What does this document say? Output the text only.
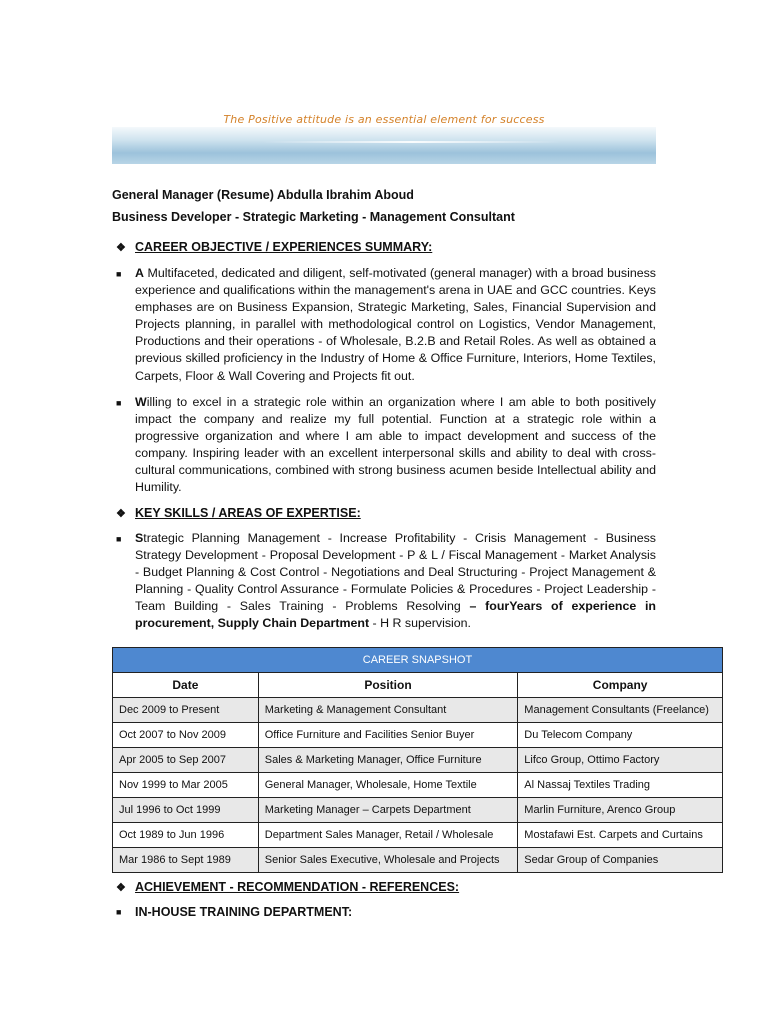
The Positive attitude is an essential element for success
General Manager (Resume) Abdulla Ibrahim Aboud
Business Developer - Strategic Marketing - Management Consultant
❖ CAREER OBJECTIVE / EXPERIENCES SUMMARY:
■	A Multifaceted, dedicated and diligent, self-motivated (general manager) with a broad business experience and qualifications within the management's arena in UAE and GCC countries. Keys emphases are on Business Expansion, Strategic Marketing, Sales, Financial Supervision and Projects planning, in parallel with methodological control on Logistics, Vendor Management, Productions and their operations - of Wholesale, B.2.B and Retail Roles. As well as obtained a previous skilled proficiency in the Industry of Home & Office Furniture, Interiors, Home Textiles, Carpets, Floor & Wall Covering and Projects fit out.
■	Willing to excel in a strategic role within an organization where I am able to both positively impact the company and realize my full potential. Function at a strategic role within a progressive organization and where I am able to impact development and success of the company. Inspiring leader with an excellent interpersonal skills and ability to deal with cross-cultural communications, combined with strong business acumen beside Intellectual ability and Humility.
❖ KEY SKILLS / AREAS OF EXPERTISE:
■	Strategic Planning Management - Increase Profitability - Crisis Management - Business Strategy Development - Proposal Development - P & L / Fiscal Management - Market Analysis - Budget Planning & Cost Control - Negotiations and Deal Structuring - Project Management & Planning - Quality Control Assurance - Formulate Policies & Procedures - Project Leadership - Team Building - Sales Training - Problems Resolving – fourYears of experience in procurement, Supply Chain Department - H R supervision.
CAREER SNAPSHOT		
Date	Position	Company
Dec 2009 to Present	Marketing & Management Consultant	Management Consultants (Freelance)
Oct 2007 to Nov 2009	Office Furniture and Facilities Senior Buyer	Du Telecom Company
Apr 2005 to Sep 2007	Sales & Marketing Manager, Office Furniture	Lifco Group, Ottimo Factory
Nov 1999 to Mar 2005	General Manager, Wholesale, Home Textile	Al Nassaj Textiles Trading
Jul 1996 to Oct 1999	Marketing Manager – Carpets Department	Marlin Furniture, Arenco Group
Oct 1989 to Jun 1996	Department Sales Manager, Retail / Wholesale	Mostafawi Est. Carpets and Curtains
Mar 1986 to Sept 1989	Senior Sales Executive, Wholesale and Projects	Sedar Group of Companies
❖ ACHIEVEMENT - RECOMMENDATION - REFERENCES:
■	IN-HOUSE TRAINING DEPARTMENT:
